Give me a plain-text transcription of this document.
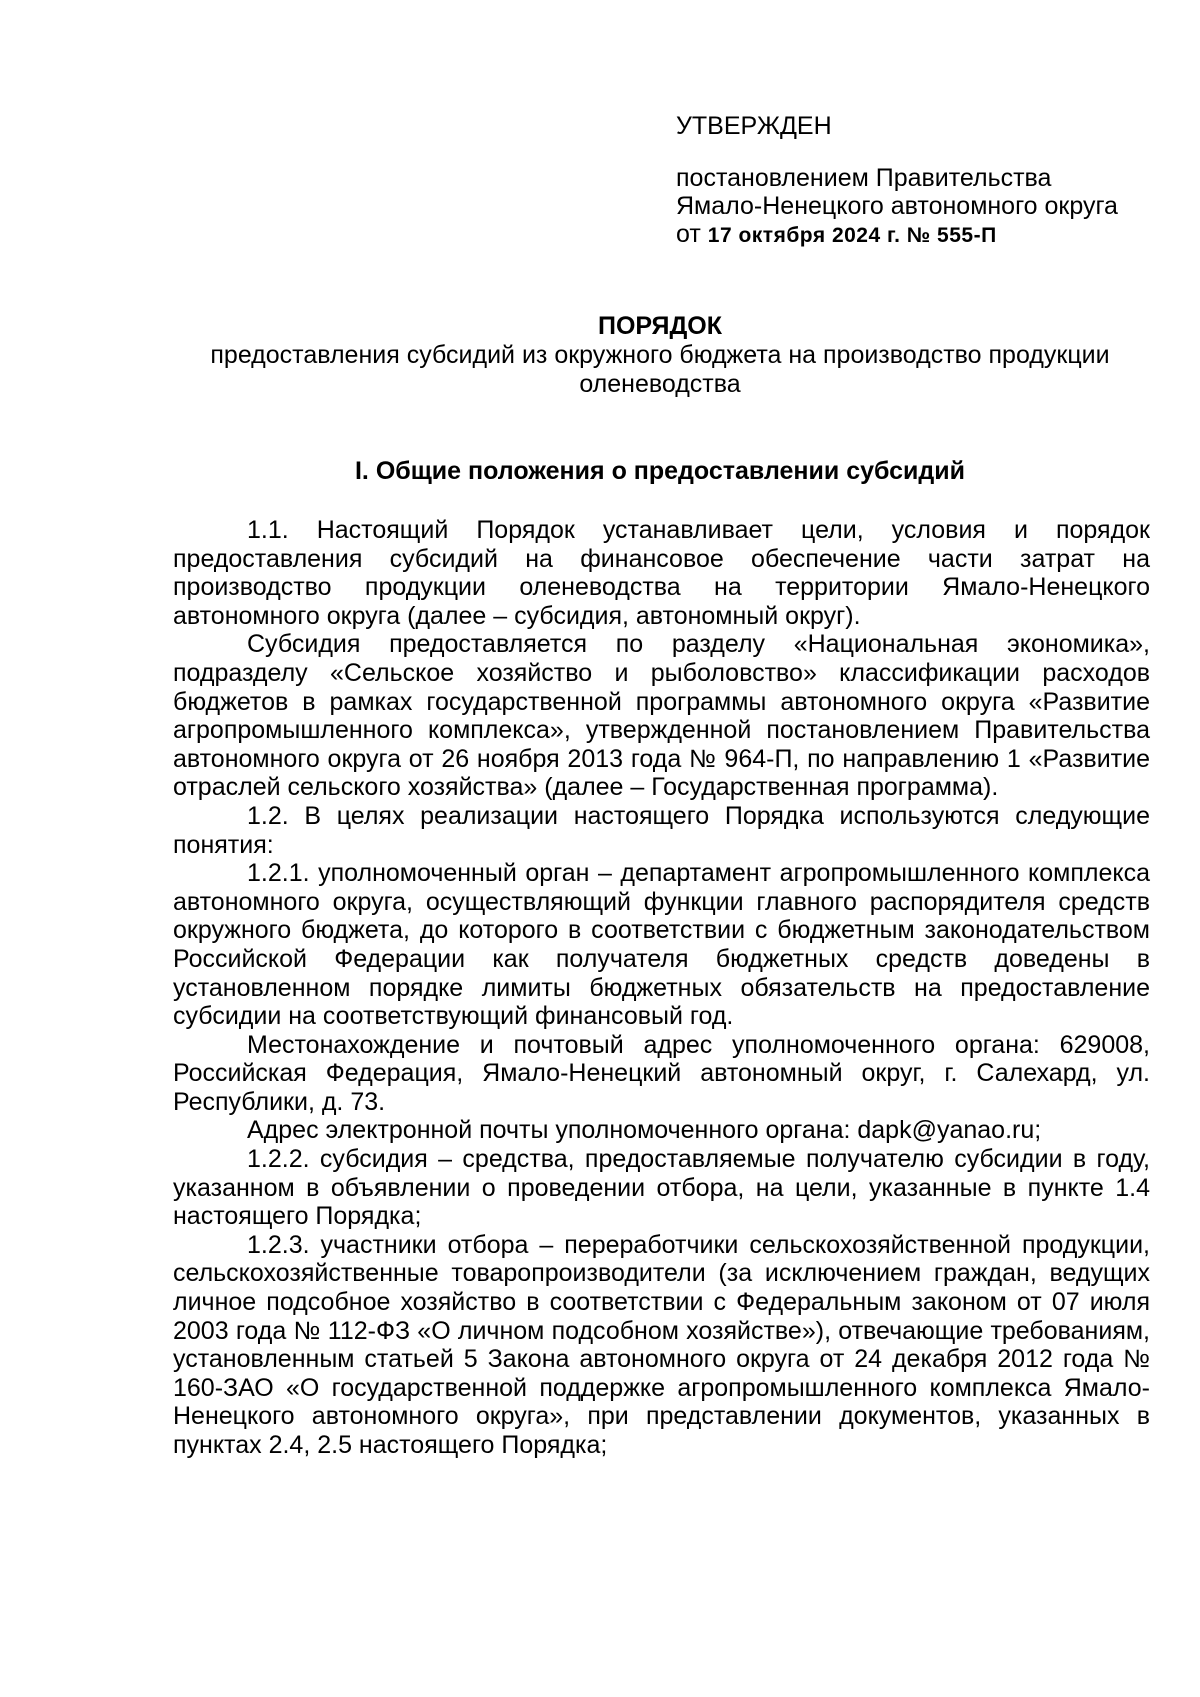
УТВЕРЖДЕН
постановлением Правительства
Ямало-Ненецкого автономного округа
от 17 октября 2024 г. № 555-П
ПОРЯДОК
предоставления субсидий из окружного бюджета на производство продукции оленеводства
I. Общие положения о предоставлении субсидий

1.1. Настоящий Порядок устанавливает цели, условия и порядок предоставления субсидий на финансовое обеспечение части затрат на производство продукции оленеводства на территории Ямало-Ненецкого автономного округа (далее – субсидия, автономный округ).

Субсидия предоставляется по разделу «Национальная экономика», подразделу «Сельское хозяйство и рыболовство» классификации расходов бюджетов в рамках государственной программы автономного округа «Развитие агропромышленного комплекса», утвержденной постановлением Правительства автономного округа от 26 ноября 2013 года № 964-П, по направлению 1 «Развитие отраслей сельского хозяйства» (далее – Государственная программа).

1.2. В целях реализации настоящего Порядка используются следующие понятия:

1.2.1. уполномоченный орган – департамент агропромышленного комплекса автономного округа, осуществляющий функции главного распорядителя средств окружного бюджета, до которого в соответствии с бюджетным законодательством Российской Федерации как получателя бюджетных средств доведены в установленном порядке лимиты бюджетных обязательств на предоставление субсидии на соответствующий финансовый год.

Местонахождение и почтовый адрес уполномоченного органа: 629008, Российская Федерация, Ямало-Ненецкий автономный округ, г. Салехард, ул. Республики, д. 73.

Адрес электронной почты уполномоченного органа: dapk@yanao.ru;

1.2.2. субсидия – средства, предоставляемые получателю субсидии в году, указанном в объявлении о проведении отбора, на цели, указанные в пункте 1.4 настоящего Порядка;

1.2.3. участники отбора – переработчики сельскохозяйственной продукции, сельскохозяйственные товаропроизводители (за исключением граждан, ведущих личное подсобное хозяйство в соответствии с Федеральным законом от 07 июля 2003 года № 112-ФЗ «О личном подсобном хозяйстве»), отвечающие требованиям, установленным статьей 5 Закона автономного округа от 24 декабря 2012 года № 160-ЗАО «О государственной поддержке агропромышленного комплекса Ямало-Ненецкого автономного округа», при представлении документов, указанных в пунктах 2.4, 2.5 настоящего Порядка;
